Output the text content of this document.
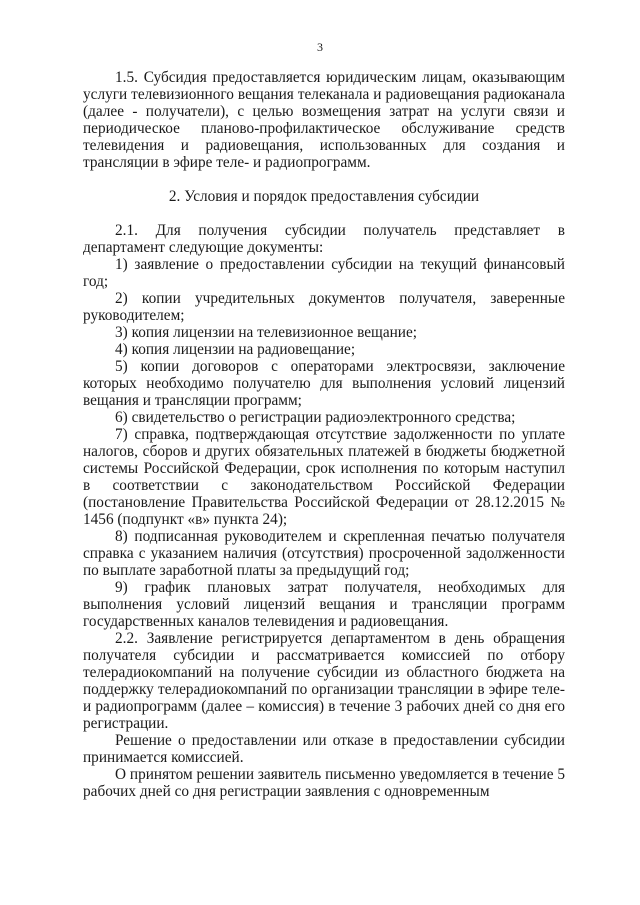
3

1.5. Субсидия предоставляется юридическим лицам, оказывающим услуги телевизионного вещания телеканала и радиовещания радиоканала (далее - получатели), с целью возмещения затрат на услуги связи и периодическое планово-профилактическое обслуживание средств телевидения и радиовещания, использованных для создания и трансляции в эфире теле- и радиопрограмм.

2. Условия и порядок предоставления субсидии

2.1. Для получения субсидии получатель представляет в департамент следующие документы:

1) заявление о предоставлении субсидии на текущий финансовый год;

2) копии учредительных документов получателя, заверенные руководителем;

3) копия лицензии на телевизионное вещание;

4) копия лицензии на радиовещание;

5) копии договоров с операторами электросвязи, заключение которых необходимо получателю для выполнения условий лицензий вещания и трансляции программ;

6) свидетельство о регистрации радиоэлектронного средства;

7) справка, подтверждающая отсутствие задолженности по уплате налогов, сборов и других обязательных платежей в бюджеты бюджетной системы Российской Федерации, срок исполнения по которым наступил в соответствии с законодательством Российской Федерации (постановление Правительства Российской Федерации от 28.12.2015 № 1456 (подпункт «в» пункта 24);

8) подписанная руководителем и скрепленная печатью получателя справка с указанием наличия (отсутствия) просроченной задолженности по выплате заработной платы за предыдущий год;

9) график плановых затрат получателя, необходимых для выполнения условий лицензий вещания и трансляции программ государственных каналов телевидения и радиовещания.

2.2. Заявление регистрируется департаментом в день обращения получателя субсидии и рассматривается комиссией по отбору телерадиокомпаний на получение субсидии из областного бюджета на поддержку телерадиокомпаний по организации трансляции в эфире теле- и радиопрограмм (далее – комиссия) в течение 3 рабочих дней со дня его регистрации.

Решение о предоставлении или отказе в предоставлении субсидии принимается комиссией.

О принятом решении заявитель письменно уведомляется в течение 5 рабочих дней со дня регистрации заявления с одновременным
